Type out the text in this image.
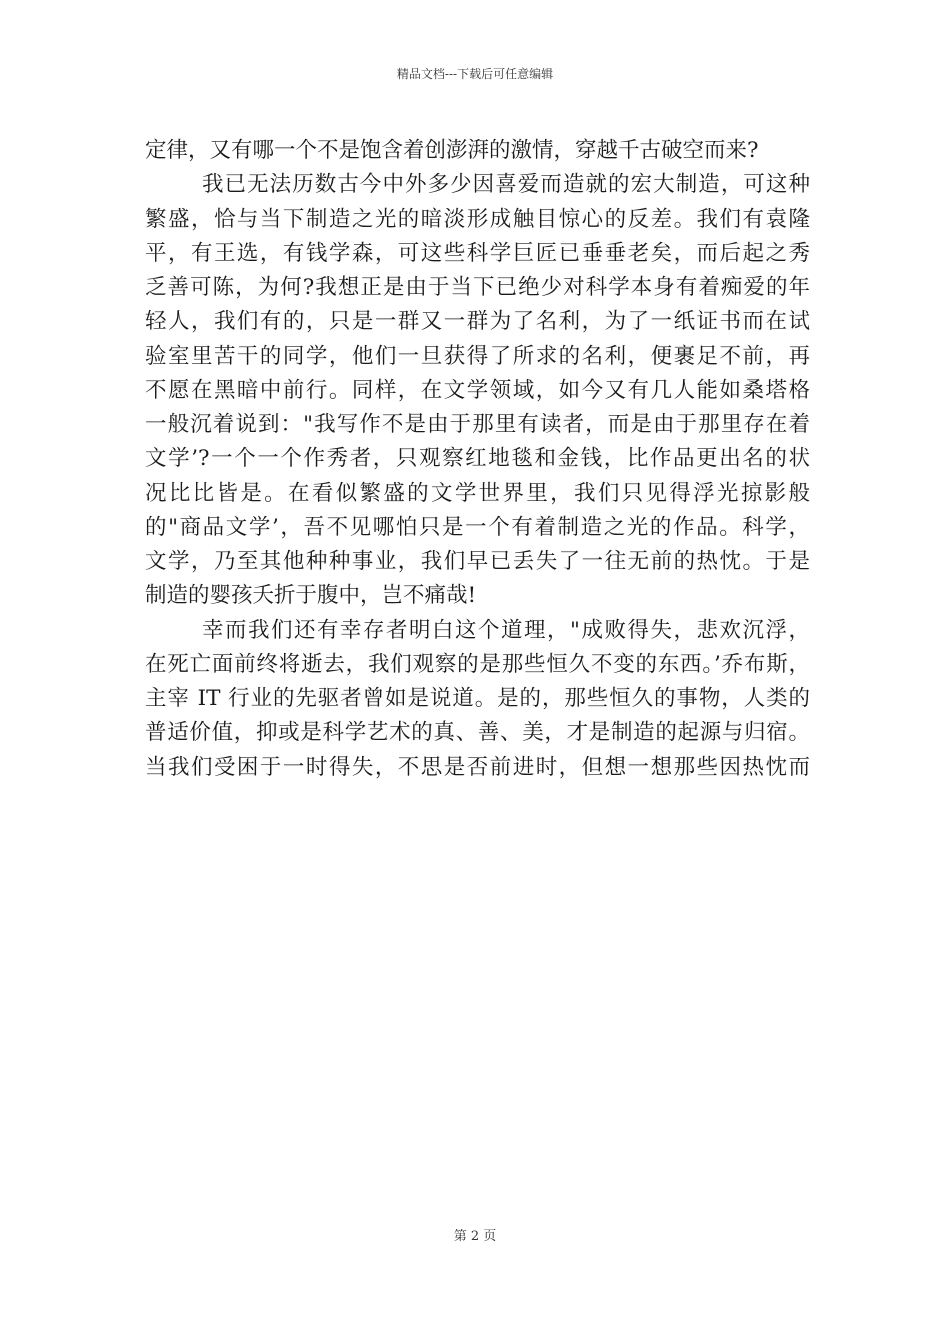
精品文档---下载后可任意编辑
定律，又有哪一个不是饱含着创澎湃的激情，穿越千古破空而来?
我已无法历数古今中外多少因喜爱而造就的宏大制造，可这种
繁盛，恰与当下制造之光的暗淡形成触目惊心的反差。我们有袁隆
平，有王选，有钱学森，可这些科学巨匠已垂垂老矣，而后起之秀
乏善可陈，为何?我想正是由于当下已绝少对科学本身有着痴爱的年
轻人，我们有的，只是一群又一群为了名利，为了一纸证书而在试
验室里苦干的同学，他们一旦获得了所求的名利，便裹足不前，再
不愿在黑暗中前行。同样，在文学领域，如今又有几人能如桑塔格
一般沉着说到："我写作不是由于那里有读者，而是由于那里存在着
文学’?一个一个作秀者，只观察红地毯和金钱，比作品更出名的状
况比比皆是。在看似繁盛的文学世界里，我们只见得浮光掠影般
的"商品文学’，吾不见哪怕只是一个有着制造之光的作品。科学，
文学，乃至其他种种事业，我们早已丢失了一往无前的热忱。于是
制造的婴孩夭折于腹中，岂不痛哉!
幸而我们还有幸存者明白这个道理，"成败得失，悲欢沉浮，
在死亡面前终将逝去，我们观察的是那些恒久不变的东西。’乔布斯，
主宰 IT 行业的先驱者曾如是说道。是的，那些恒久的事物，人类的
普适价值，抑或是科学艺术的真、善、美，才是制造的起源与归宿。
当我们受困于一时得失，不思是否前进时，但想一想那些因热忱而
第 2 页
